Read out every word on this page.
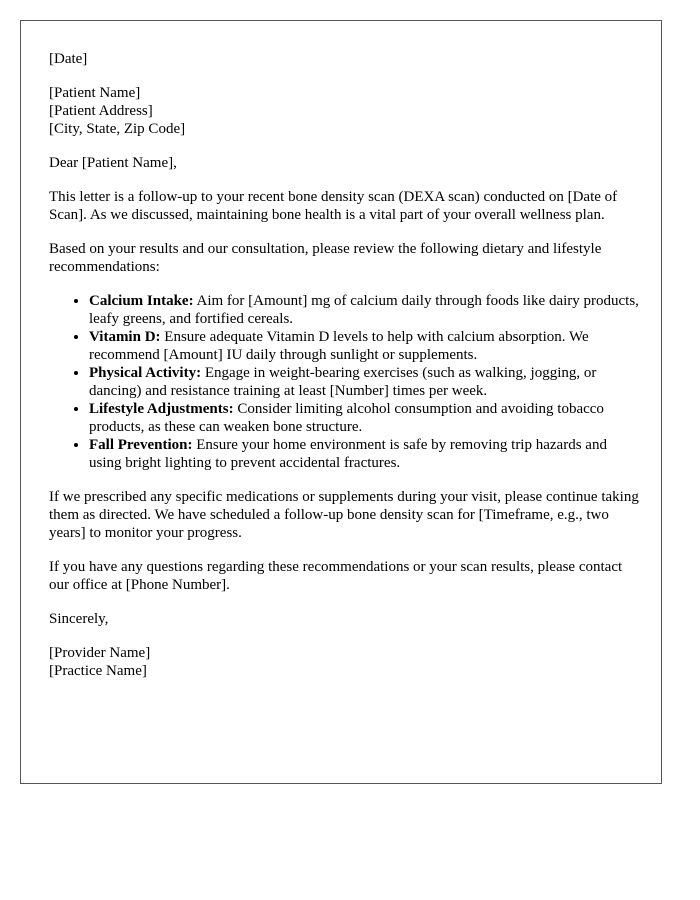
[Date]

[Patient Name]
[Patient Address]
[City, State, Zip Code]

Dear [Patient Name],

This letter is a follow-up to your recent bone density scan (DEXA scan) conducted on [Date of Scan]. As we discussed, maintaining bone health is a vital part of your overall wellness plan.

Based on your results and our consultation, please review the following dietary and lifestyle recommendations:

• Calcium Intake: Aim for [Amount] mg of calcium daily through foods like dairy products, leafy greens, and fortified cereals.
• Vitamin D: Ensure adequate Vitamin D levels to help with calcium absorption. We recommend [Amount] IU daily through sunlight or supplements.
• Physical Activity: Engage in weight-bearing exercises (such as walking, jogging, or dancing) and resistance training at least [Number] times per week.
• Lifestyle Adjustments: Consider limiting alcohol consumption and avoiding tobacco products, as these can weaken bone structure.
• Fall Prevention: Ensure your home environment is safe by removing trip hazards and using bright lighting to prevent accidental fractures.

If we prescribed any specific medications or supplements during your visit, please continue taking them as directed. We have scheduled a follow-up bone density scan for [Timeframe, e.g., two years] to monitor your progress.

If you have any questions regarding these recommendations or your scan results, please contact our office at [Phone Number].

Sincerely,

[Provider Name]
[Practice Name]
